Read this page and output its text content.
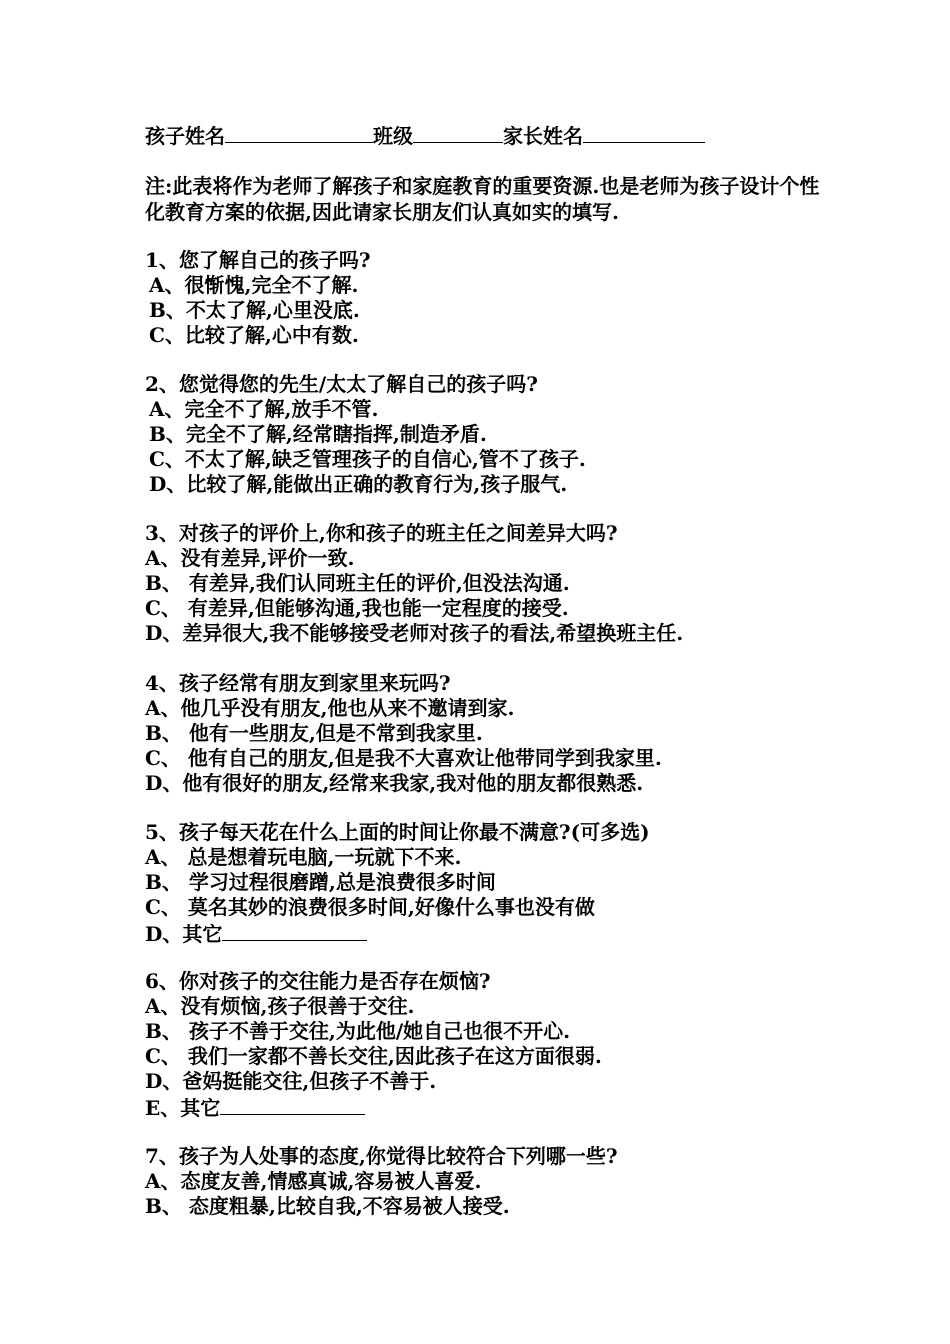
孩子姓名	班级	家长姓名
注:此表将作为老师了解孩子和家庭教育的重要资源.也是老师为孩子设计个性化教育方案的依据,因此请家长朋友们认真如实的填写.

1、您了解自己的孩子吗?

A、很惭愧,完全不了解.

B、不太了解,心里没底.

C、比较了解,心中有数.

2、您觉得您的先生/太太了解自己的孩子吗?

A、完全不了解,放手不管.

B、完全不了解,经常瞎指挥,制造矛盾.

C、不太了解,缺乏管理孩子的自信心,管不了孩子.

D、比较了解,能做出正确的教育行为,孩子服气.

3、对孩子的评价上,你和孩子的班主任之间差异大吗?

A、没有差异,评价一致.

B、 有差异,我们认同班主任的评价,但没法沟通.

C、 有差异,但能够沟通,我也能一定程度的接受.

D、差异很大,我不能够接受老师对孩子的看法,希望换班主任.

4、孩子经常有朋友到家里来玩吗?

A、他几乎没有朋友,他也从来不邀请到家.

B、 他有一些朋友,但是不常到我家里.

C、 他有自己的朋友,但是我不大喜欢让他带同学到我家里.

D、他有很好的朋友,经常来我家,我对他的朋友都很熟悉.

5、孩子每天花在什么上面的时间让你最不满意?(可多选)

A、 总是想着玩电脑,一玩就下不来.

B、 学习过程很磨蹭,总是浪费很多时间

C、 莫名其妙的浪费很多时间,好像什么事也没有做

D、其它

6、你对孩子的交往能力是否存在烦恼?

A、没有烦恼,孩子很善于交往.

B、 孩子不善于交往,为此他/她自己也很不开心.

C、 我们一家都不善长交往,因此孩子在这方面很弱.

D、爸妈挺能交往,但孩子不善于.

E、其它

7、孩子为人处事的态度,你觉得比较符合下列哪一些?

A、态度友善,情感真诚,容易被人喜爱.

B、 态度粗暴,比较自我,不容易被人接受.
